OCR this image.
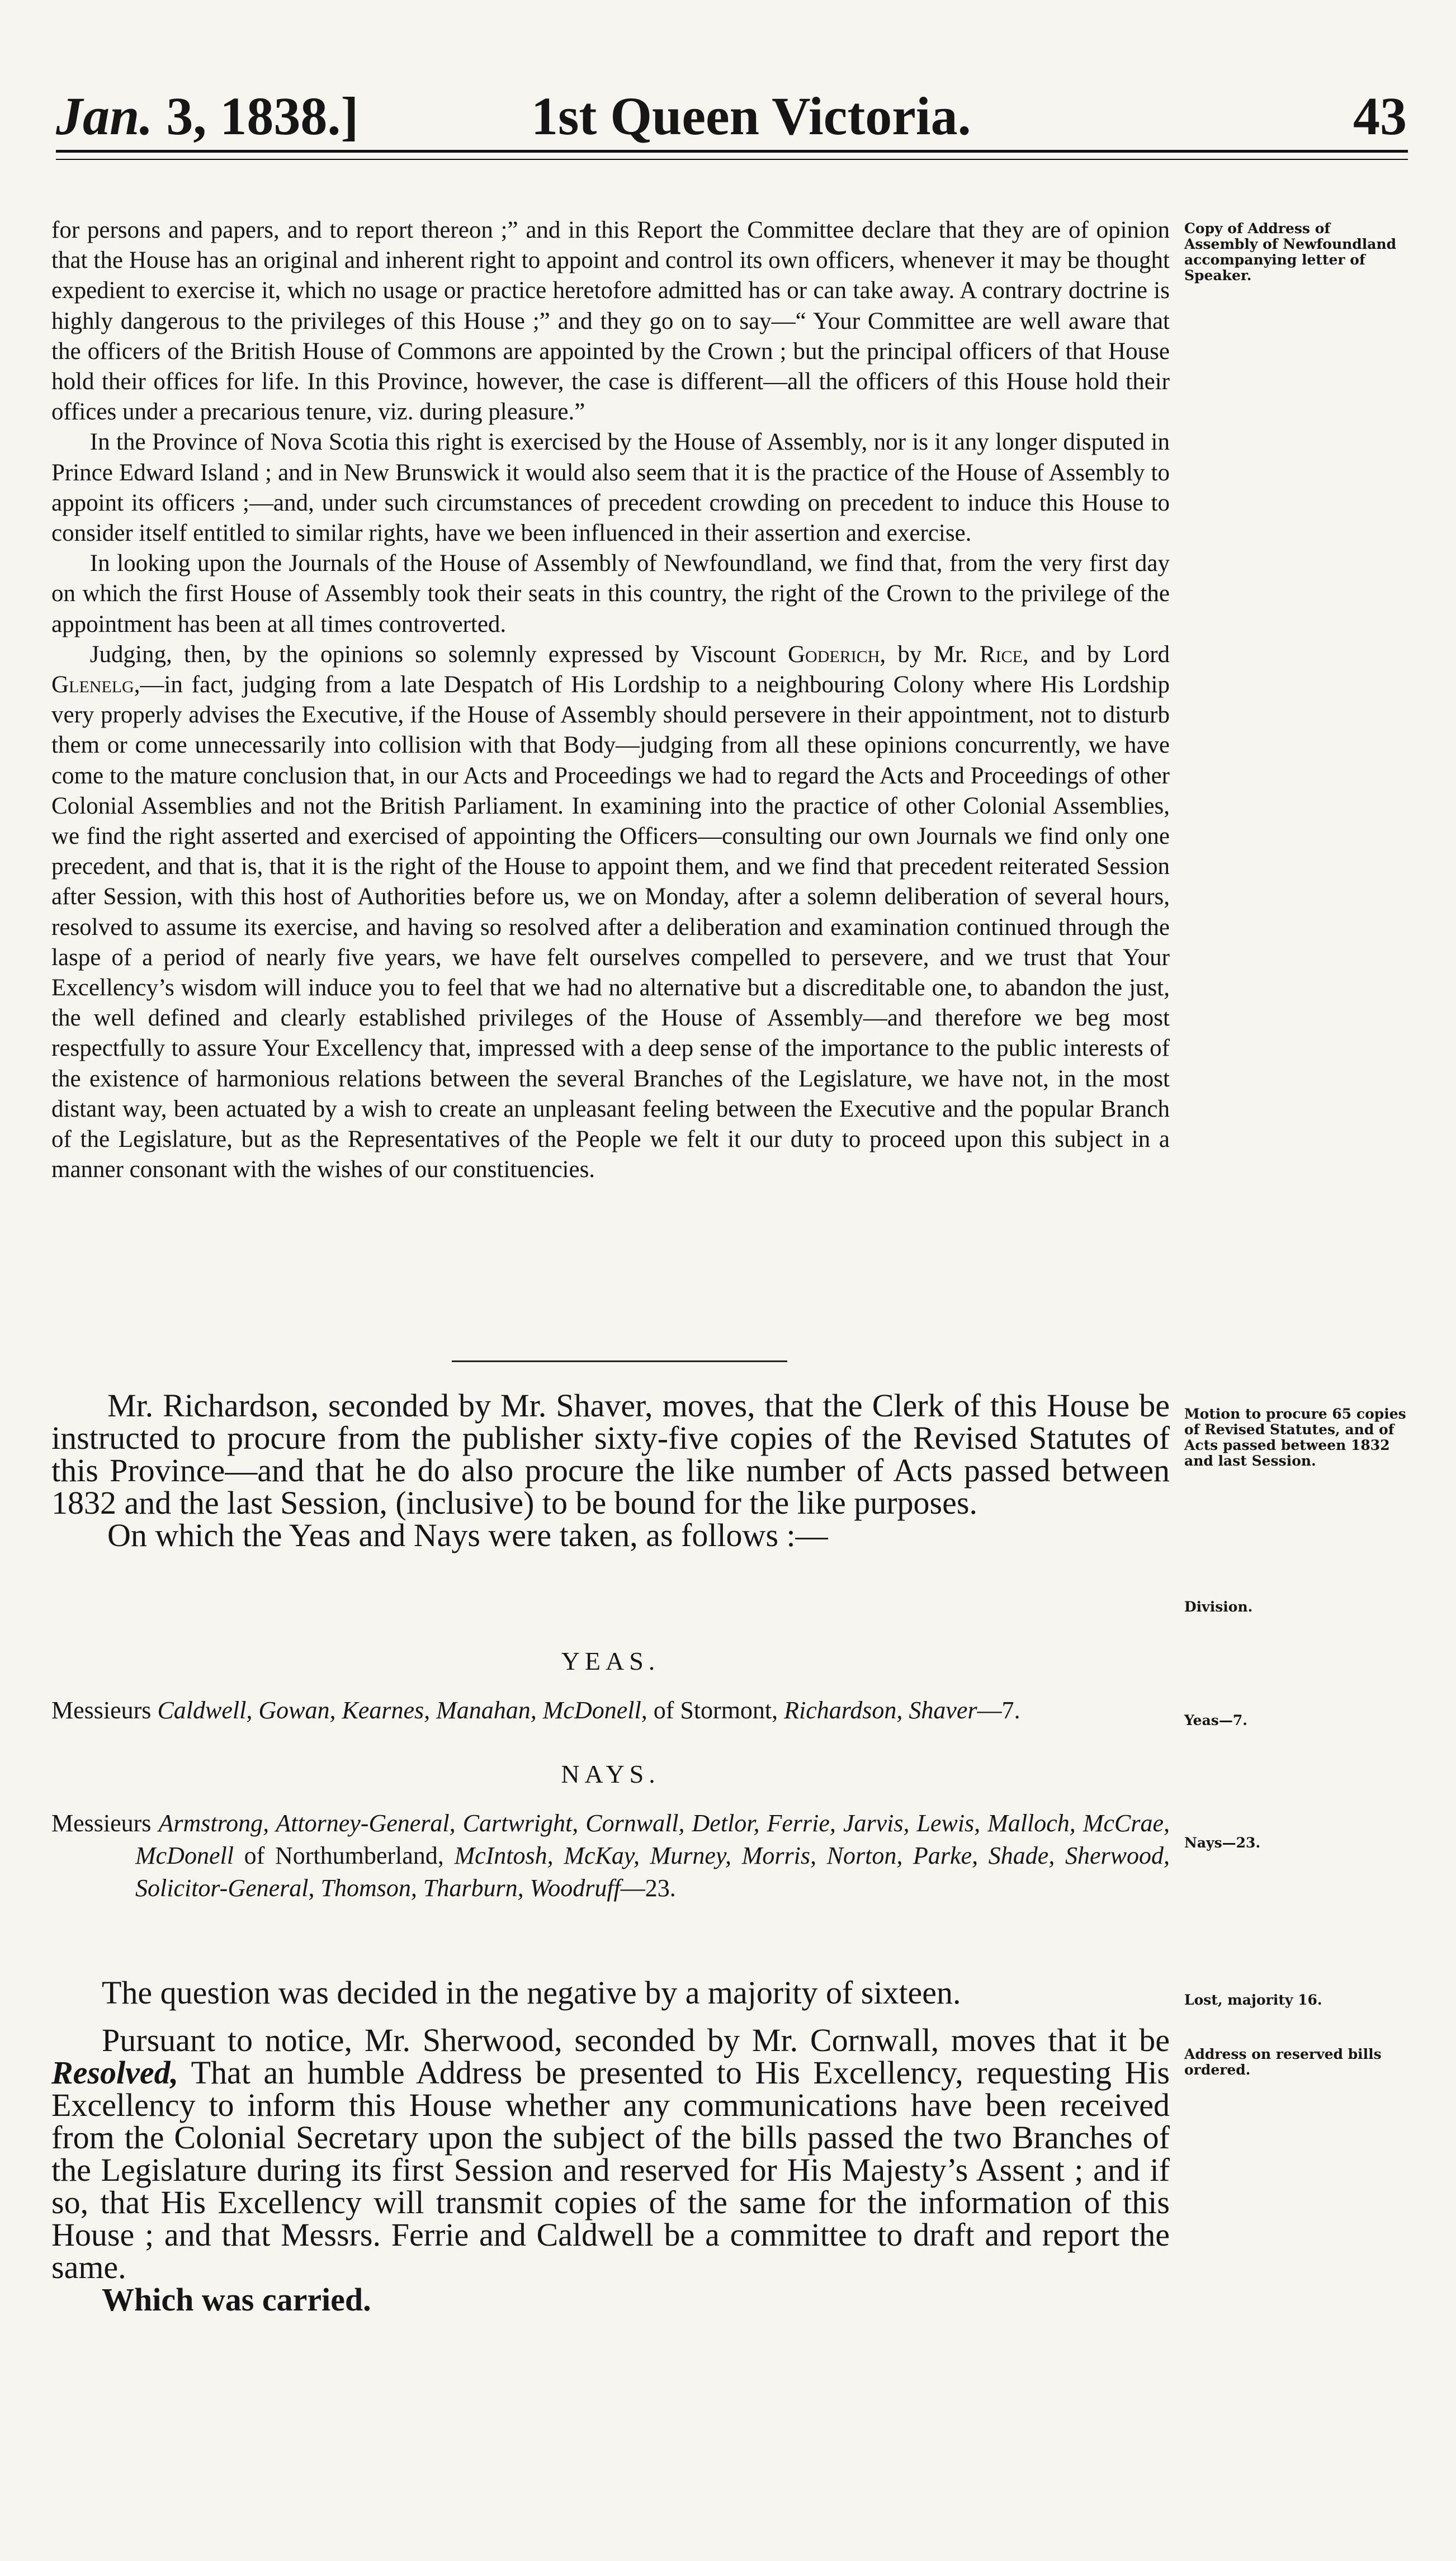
Jan. 3, 1838.]	1st Queen Victoria.	43

for persons and papers, and to report thereon ;” and in this Report the Committee declare that they are of opinion that the House has an original and inherent right to appoint and control its own officers, whenever it may be thought expedient to exercise it, which no usage or practice heretofore admitted has or can take away. A contrary doctrine is highly dangerous to the privileges of this House ;” and they go on to say—“ Your Committee are well aware that the officers of the British House of Commons are appointed by the Crown ; but the principal officers of that House hold their offices for life. In this Province, however, the case is different—all the officers of this House hold their offices under a precarious tenure, viz. during pleasure.”

In the Province of Nova Scotia this right is exercised by the House of Assembly, nor is it any longer disputed in Prince Edward Island ; and in New Brunswick it would also seem that it is the practice of the House of Assembly to appoint its officers ;—and, under such circumstances of precedent crowding on precedent to induce this House to consider itself entitled to similar rights, have we been influenced in their assertion and exercise.

In looking upon the Journals of the House of Assembly of Newfoundland, we find that, from the very first day on which the first House of Assembly took their seats in this country, the right of the Crown to the privilege of the appointment has been at all times controverted.

Judging, then, by the opinions so solemnly expressed by Viscount Goderich, by Mr. Rice, and by Lord Glenelg,—in fact, judging from a late Despatch of His Lordship to a neighbouring Colony where His Lordship very properly advises the Executive, if the House of Assembly should persevere in their appointment, not to disturb them or come unnecessarily into collision with that Body—judging from all these opinions concurrently, we have come to the mature conclusion that, in our Acts and Proceedings we had to regard the Acts and Proceedings of other Colonial Assemblies and not the British Parliament. In examining into the practice of other Colonial Assemblies, we find the right asserted and exercised of appointing the Officers—consulting our own Journals we find only one precedent, and that is, that it is the right of the House to appoint them, and we find that precedent reiterated Session after Session, with this host of Authorities before us, we on Monday, after a solemn deliberation of several hours, resolved to assume its exercise, and having so resolved after a deliberation and examination continued through the laspe of a period of nearly five years, we have felt ourselves compelled to persevere, and we trust that Your Excellency’s wisdom will induce you to feel that we had no alternative but a discreditable one, to abandon the just, the well defined and clearly established privileges of the House of Assembly—and therefore we beg most respectfully to assure Your Excellency that, impressed with a deep sense of the importance to the public interests of the existence of harmonious relations between the several Branches of the Legislature, we have not, in the most distant way, been actuated by a wish to create an unpleasant feeling between the Executive and the popular Branch of the Legislature, but as the Representatives of the People we felt it our duty to proceed upon this subject in a manner consonant with the wishes of our constituencies.

Mr. Richardson, seconded by Mr. Shaver, moves, that the Clerk of this House be instructed to procure from the publisher sixty-five copies of the Revised Statutes of this Province—and that he do also procure the like number of Acts passed between 1832 and the last Session, (inclusive) to be bound for the like purposes.

On which the Yeas and Nays were taken, as follows :—

YEAS.

Messieurs Caldwell, Gowan, Kearnes, Manahan, McDonell, of Stormont, Richardson, Shaver—7.

NAYS.

Messieurs Armstrong, Attorney-General, Cartwright, Cornwall, Detlor, Ferrie, Jarvis, Lewis, Malloch, McCrae, McDonell of Northumberland, McIntosh, McKay, Murney, Morris, Norton, Parke, Shade, Sherwood, Solicitor-General, Thomson, Tharburn, Woodruff—23.

The question was decided in the negative by a majority of sixteen.

Pursuant to notice, Mr. Sherwood, seconded by Mr. Cornwall, moves that it be Resolved, That an humble Address be presented to His Excellency, requesting His Excellency to inform this House whether any communications have been received from the Colonial Secretary upon the subject of the bills passed the two Branches of the Legislature during its first Session and reserved for His Majesty’s Assent ; and if so, that His Excellency will transmit copies of the same for the information of this House ; and that Messrs. Ferrie and Caldwell be a committee to draft and report the same.

Which was carried.

Copy of Address of Assembly of Newfoundland accompanying letter of Speaker.
Motion to procure 65 copies of Revised Statutes, and of Acts passed between 1832 and last Session.
Division.
Yeas—7.
Nays—23.
Lost, majority 16.
Address on reserved bills ordered.
